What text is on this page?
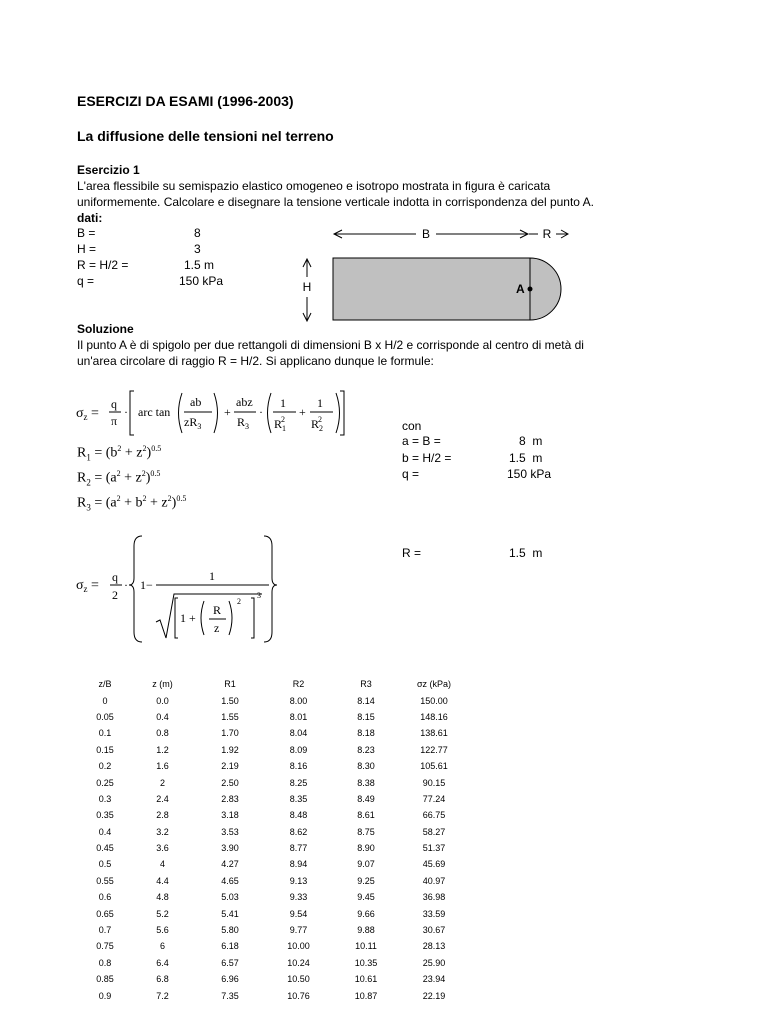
ESERCIZI DA ESAMI (1996-2003)
La diffusione delle tensioni nel terreno
Esercizio 1
L'area flessibile su semispazio elastico omogeneo e isotropo mostrata in figura è caricata
uniformemente. Calcolare e disegnare la tensione verticale indotta in corrispondenza del punto A.
dati:
B =	8
H =	3
R = H/2 =	1.5 m
q =	150 kPa
B	R
H	A
Soluzione
Il punto A è di spigolo per due rettangoli di dimensioni B x H/2 e corrisponde al centro di metà di
un'area circolare di raggio R = H/2. Si applicano dunque le formule:
$\sigma_z$ =
q
π
· arc tan
ab
$zR_3$
+
abz
$R_3$
·
1
$R_12$
+
1
$R_22$
$R_1 = (b^2 + z^2)^{0.5}$
$R_2 = (a^2 + z^2)^{0.5}$
$R_3 = (a^2 + b^2 + z^2)^{0.5}$
con
a = B =	8 m
b = H/2 =	1.5 m
q =	150 kPa
$\sigma_z$ =
q
2
· 1−
1
1 +
R
z
2
3
R =	1.5 m
z/B	z (m)	R1	R2	R3	σz (kPa)
0	0.0	1.50	8.00	8.14	150.00
0.05	0.4	1.55	8.01	8.15	148.16
0.1	0.8	1.70	8.04	8.18	138.61
0.15	1.2	1.92	8.09	8.23	122.77
0.2	1.6	2.19	8.16	8.30	105.61
0.25	2	2.50	8.25	8.38	90.15
0.3	2.4	2.83	8.35	8.49	77.24
0.35	2.8	3.18	8.48	8.61	66.75
0.4	3.2	3.53	8.62	8.75	58.27
0.45	3.6	3.90	8.77	8.90	51.37
0.5	4	4.27	8.94	9.07	45.69
0.55	4.4	4.65	9.13	9.25	40.97
0.6	4.8	5.03	9.33	9.45	36.98
0.65	5.2	5.41	9.54	9.66	33.59
0.7	5.6	5.80	9.77	9.88	30.67
0.75	6	6.18	10.00	10.11	28.13
0.8	6.4	6.57	10.24	10.35	25.90
0.85	6.8	6.96	10.50	10.61	23.94
0.9	7.2	7.35	10.76	10.87	22.19
